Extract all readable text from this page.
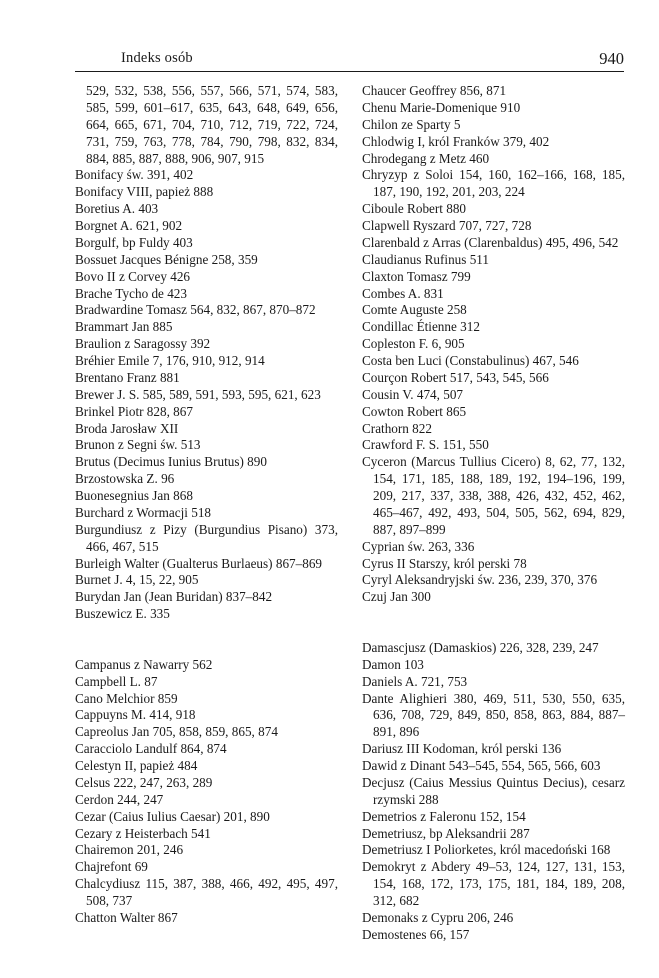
Indeks osób	940
529, 532, 538, 556, 557, 566, 571, 574, 583, 585, 599, 601–617, 635, 643, 648, 649, 656, 664, 665, 671, 704, 710, 712, 719, 722, 724, 731, 759, 763, 778, 784, 790, 798, 832, 834, 884, 885, 887, 888, 906, 907, 915
Bonifacy św. 391, 402
Bonifacy VIII, papież 888
Boretius A. 403
Borgnet A. 621, 902
Borgulf, bp Fuldy 403
Bossuet Jacques Bénigne 258, 359
Bovo II z Corvey 426
Brache Tycho de 423
Bradwardine Tomasz 564, 832, 867, 870–872
Brammart Jan 885
Braulion z Saragossy 392
Bréhier Emile 7, 176, 910, 912, 914
Brentano Franz 881
Brewer J. S. 585, 589, 591, 593, 595, 621, 623
Brinkel Piotr 828, 867
Broda Jarosław XII
Brunon z Segni św. 513
Brutus (Decimus Iunius Brutus) 890
Brzostowska Z. 96
Buonesegnius Jan 868
Burchard z Wormacji 518
Burgundiusz z Pizy (Burgundius Pisano) 373, 466, 467, 515
Burleigh Walter (Gualterus Burlaeus) 867–869
Burnet J. 4, 15, 22, 905
Burydan Jan (Jean Buridan) 837–842
Buszewicz E. 335
Campanus z Nawarry 562
Campbell L. 87
Cano Melchior 859
Cappuyns M. 414, 918
Capreolus Jan 705, 858, 859, 865, 874
Caracciolo Landulf 864, 874
Celestyn II, papież 484
Celsus 222, 247, 263, 289
Cerdon 244, 247
Cezar (Caius Iulius Caesar) 201, 890
Cezary z Heisterbach 541
Chairemon 201, 246
Chajrefont 69
Chalcydiusz 115, 387, 388, 466, 492, 495, 497, 508, 737
Chatton Walter 867
Chaucer Geoffrey 856, 871
Chenu Marie-Domenique 910
Chilon ze Sparty 5
Chlodwig I, król Franków 379, 402
Chrodegang z Metz 460
Chryzyp z Soloi 154, 160, 162–166, 168, 185, 187, 190, 192, 201, 203, 224
Ciboule Robert 880
Clapwell Ryszard 707, 727, 728
Clarenbald z Arras (Clarenbaldus) 495, 496, 542
Claudianus Rufinus 511
Claxton Tomasz 799
Combes A. 831
Comte Auguste 258
Condillac Étienne 312
Copleston F. 6, 905
Costa ben Luci (Constabulinus) 467, 546
Courçon Robert 517, 543, 545, 566
Cousin V. 474, 507
Cowton Robert 865
Crathorn 822
Crawford F. S. 151, 550
Cyceron (Marcus Tullius Cicero) 8, 62, 77, 132, 154, 171, 185, 188, 189, 192, 194–196, 199, 209, 217, 337, 338, 388, 426, 432, 452, 462, 465–467, 492, 493, 504, 505, 562, 694, 829, 887, 897–899
Cyprian św. 263, 336
Cyrus II Starszy, król perski 78
Cyryl Aleksandryjski św. 236, 239, 370, 376
Czuj Jan 300
Damascjusz (Damaskios) 226, 328, 239, 247
Damon 103
Daniels A. 721, 753
Dante Alighieri 380, 469, 511, 530, 550, 635, 636, 708, 729, 849, 850, 858, 863, 884, 887–891, 896
Dariusz III Kodoman, król perski 136
Dawid z Dinant 543–545, 554, 565, 566, 603
Decjusz (Caius Messius Quintus Decius), cesarz rzymski 288
Demetrios z Faleronu 152, 154
Demetriusz, bp Aleksandrii 287
Demetriusz I Poliorketes, król macedoński 168
Demokryt z Abdery 49–53, 124, 127, 131, 153, 154, 168, 172, 173, 175, 181, 184, 189, 208, 312, 682
Demonaks z Cypru 206, 246
Demostenes 66, 157
